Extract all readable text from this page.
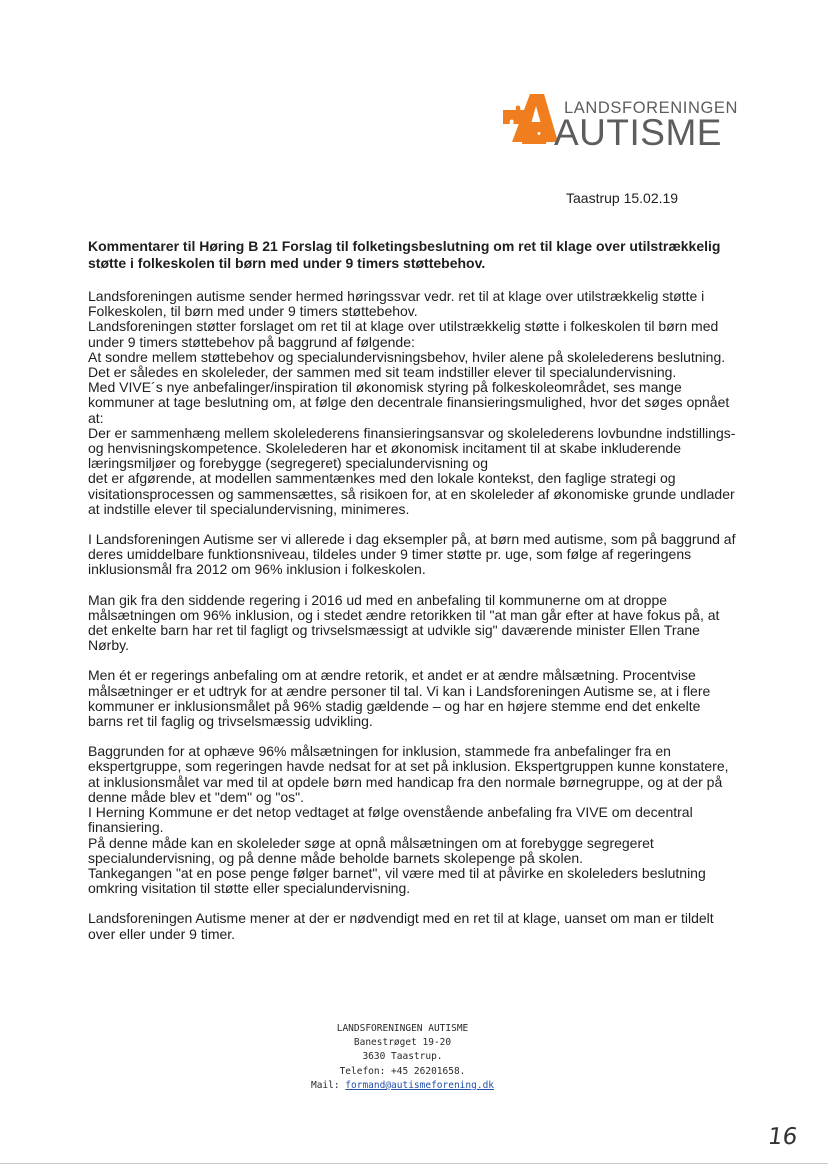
LANDSFORENINGEN
AUTISME
Taastrup 15.02.19
Kommentarer til Høring B 21 Forslag til folketingsbeslutning om ret til klage over utilstrækkelig støtte i folkeskolen til børn med under 9 timers støttebehov.

Landsforeningen autisme sender hermed høringssvar vedr. ret til at klage over utilstrækkelig støtte i Folkeskolen, til børn med under 9 timers støttebehov.

Landsforeningen støtter forslaget om ret til at klage over utilstrækkelig støtte i folkeskolen til børn med under 9 timers støttebehov på baggrund af følgende:

At sondre mellem støttebehov og specialundervisningsbehov, hviler alene på skolelederens beslutning. Det er således en skoleleder, der sammen med sit team indstiller elever til specialundervisning.

Med VIVE´s nye anbefalinger/inspiration til økonomisk styring på folkeskoleområdet, ses mange kommuner at tage beslutning om, at følge den decentrale finansieringsmulighed, hvor det søges opnået at:

Der er sammenhæng mellem skolelederens finansieringsansvar og skolelederens lovbundne indstillings-og henvisningskompetence. Skolelederen har et økonomisk incitament til at skabe inkluderende læringsmiljøer og forebygge (segregeret) specialundervisning og

det er afgørende, at modellen sammentænkes med den lokale kontekst, den faglige strategi og visitationsprocessen og sammensættes, så risikoen for, at en skoleleder af økonomiske grunde undlader at indstille elever til specialundervisning, minimeres.

I Landsforeningen Autisme ser vi allerede i dag eksempler på, at børn med autisme, som på baggrund af deres umiddelbare funktionsniveau, tildeles under 9 timer støtte pr. uge, som følge af regeringens inklusionsmål fra 2012 om 96% inklusion i folkeskolen.

Man gik fra den siddende regering i 2016 ud med en anbefaling til kommunerne om at droppe målsætningen om 96% inklusion, og i stedet ændre retorikken til "at man går efter at have fokus på, at det enkelte barn har ret til fagligt og trivselsmæssigt at udvikle sig" daværende minister Ellen Trane Nørby.

Men ét er regerings anbefaling om at ændre retorik, et andet er at ændre målsætning. Procentvise målsætninger er et udtryk for at ændre personer til tal. Vi kan i Landsforeningen Autisme se, at i flere kommuner er inklusionsmålet på 96% stadig gældende – og har en højere stemme end det enkelte barns ret til faglig og trivselsmæssig udvikling.

Baggrunden for at ophæve 96% målsætningen for inklusion, stammede fra anbefalinger fra en ekspertgruppe, som regeringen havde nedsat for at set på inklusion. Ekspertgruppen kunne konstatere, at inklusionsmålet var med til at opdele børn med handicap fra den normale børnegruppe, og at der på denne måde blev et "dem" og "os".

I Herning Kommune er det netop vedtaget at følge ovenstående anbefaling fra VIVE om decentral finansiering.

På denne måde kan en skoleleder søge at opnå målsætningen om at forebygge segregeret specialundervisning, og på denne måde beholde barnets skolepenge på skolen.

Tankegangen "at en pose penge følger barnet", vil være med til at påvirke en skoleleders beslutning omkring visitation til støtte eller specialundervisning.

Landsforeningen Autisme mener at der er nødvendigt med en ret til at klage, uanset om man er tildelt over eller under 9 timer.

LANDSFORENINGEN AUTISME
Banestrøget 19-20
3630 Taastrup.
Telefon: +45 26201658.
Mail: formand@autismeforening.dk
16
